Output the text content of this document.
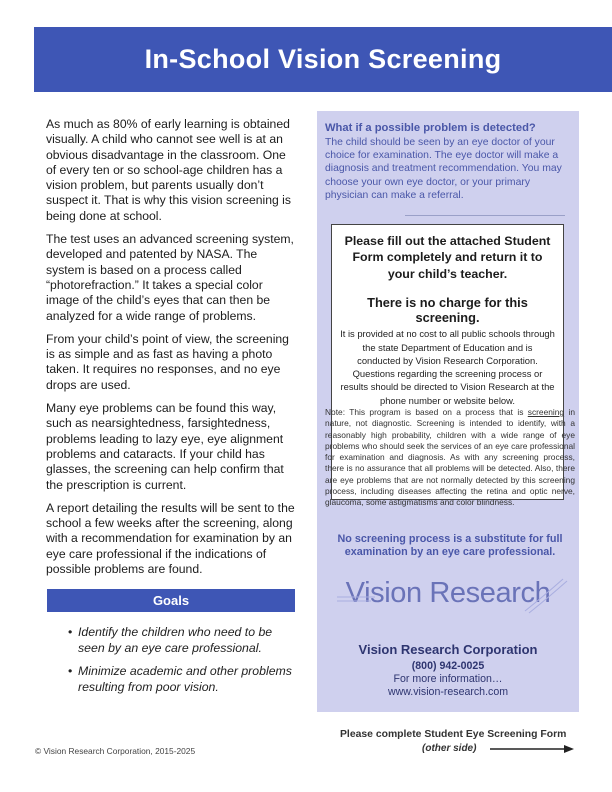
In-School Vision Screening

As much as 80% of early learning is obtained visually. A child who cannot see well is at an obvious disadvantage in the classroom. One of every ten or so school-age children has a vision problem, but parents usually don’t suspect it. That is why this vision screening is being done at school.

The test uses an advanced screening system, developed and patented by NASA. The system is based on a process called “photorefraction.” It takes a special color image of the child’s eyes that can then be analyzed for a wide range of problems.

From your child’s point of view, the screening is as simple and as fast as having a photo taken. It requires no responses, and no eye drops are used.

Many eye problems can be found this way, such as nearsightedness, farsightedness, problems leading to lazy eye, eye alignment problems and cataracts. If your child has glasses, the screening can help confirm that the prescription is current.

A report detailing the results will be sent to the school a few weeks after the screening, along with a recommendation for examination by an eye care professional if the indications of possible problems are found.

Goals
• Identify the children who need to be seen by an eye care professional.
• Minimize academic and other problems resulting from poor vision.
What if a possible problem is detected?
The child should be seen by an eye doctor of your choice for examination. The eye doctor will make a diagnosis and treatment recommendation. You may choose your own eye doctor, or your primary physician can make a referral.
Please fill out the attached Student Form completely and return it to your child’s teacher.
There is no charge for this screening.
It is provided at no cost to all public schools through the state Department of Education and is conducted by Vision Research Corporation. Questions regarding the screening process or results should be directed to Vision Research at the phone number or website below.
Note: This program is based on a process that is screening in nature, not diagnostic. Screening is intended to identify, with a reasonably high probability, children with a wide range of eye problems who should seek the services of an eye care professional for examination and diagnosis. As with any screening process, there is no assurance that all problems will be detected. Also, there are eye problems that are not normally detected by this screening process, including diseases affecting the retina and optic nerve, glaucoma, some astigmatisms and color blindness.
No screening process is a substitute for full examination by an eye care professional.
Vision Research
Vision Research Corporation
(800) 942-0025
For more information…
www.vision-research.com
Please complete Student Eye Screening Form
(other side)
© Vision Research Corporation, 2015-2025
